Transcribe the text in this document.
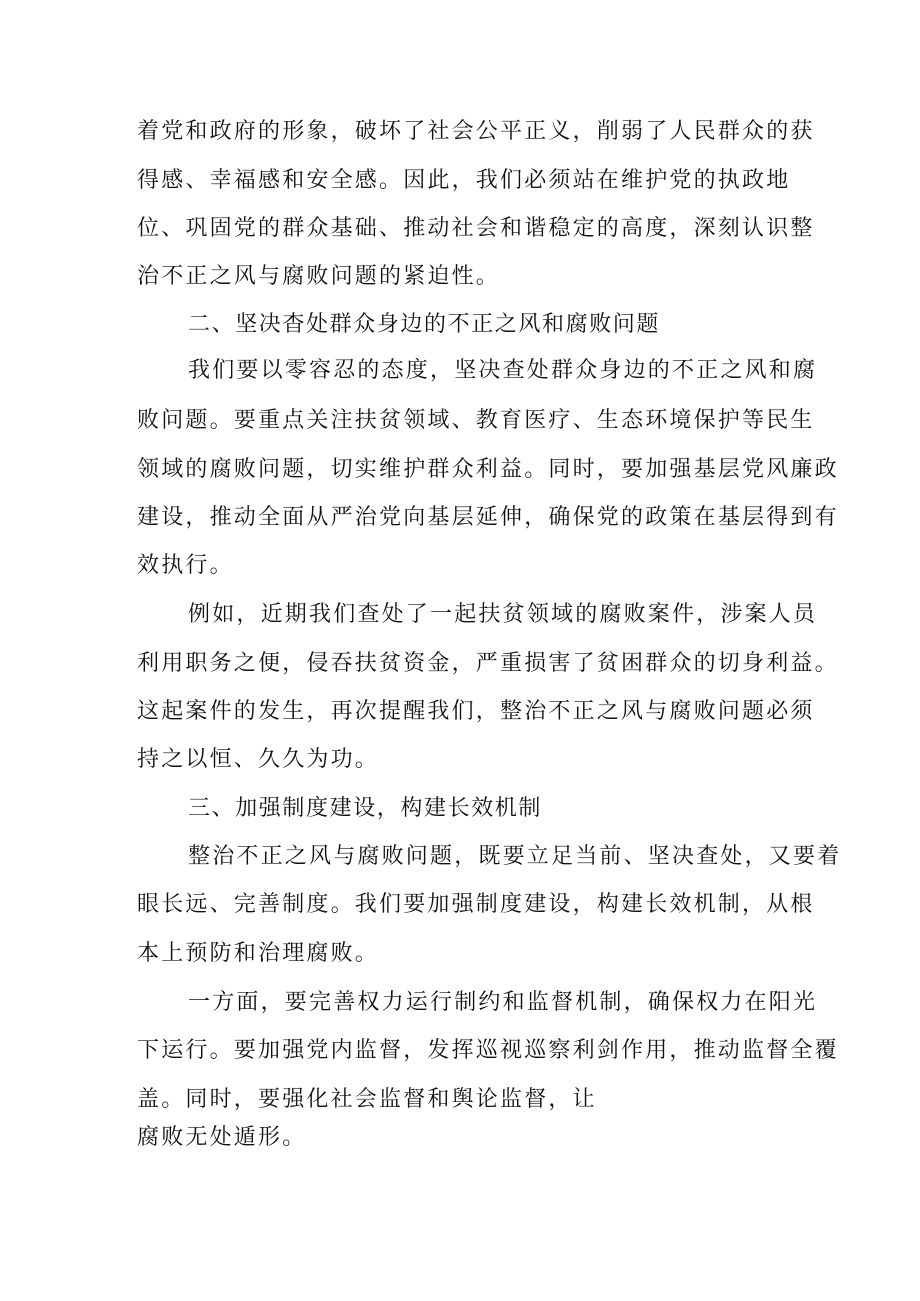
着党和政府的形象，破坏了社会公平正义，削弱了人民群众的获
得感、幸福感和安全感。因此，我们必须站在维护党的执政地
位、巩固党的群众基础、推动社会和谐稳定的高度，深刻认识整
治不正之风与腐败问题的紧迫性。
二、坚决杳处群众身边的不正之风和腐败问题
我们要以零容忍的态度，坚决查处群众身边的不正之风和腐
败问题。要重点关注扶贫领域、教育医疗、生态环境保护等民生
领域的腐败问题，切实维护群众利益。同时，要加强基层党风廉政
建设，推动全面从严治党向基层延伸，确保党的政策在基层得到有
效执行。
例如，近期我们查处了一起扶贫领域的腐败案件，涉案人员
利用职务之便，侵吞扶贫资金，严重损害了贫困群众的切身利益。
这起案件的发生，再次提醒我们，整治不正之风与腐败问题必须
持之以恒、久久为功。
三、加强制度建设，构建长效机制
整治不正之风与腐败问题，既要立足当前、坚决查处，又要着
眼长远、完善制度。我们要加强制度建设，构建长效机制，从根
本上预防和治理腐败。
一方面，要完善权力运行制约和监督机制，确保权力在阳光
下运行。要加强党内监督，发挥巡视巡察利剑作用，推动监督全覆
盖。同时，要强化社会监督和舆论监督，让
腐败无处遁形。
